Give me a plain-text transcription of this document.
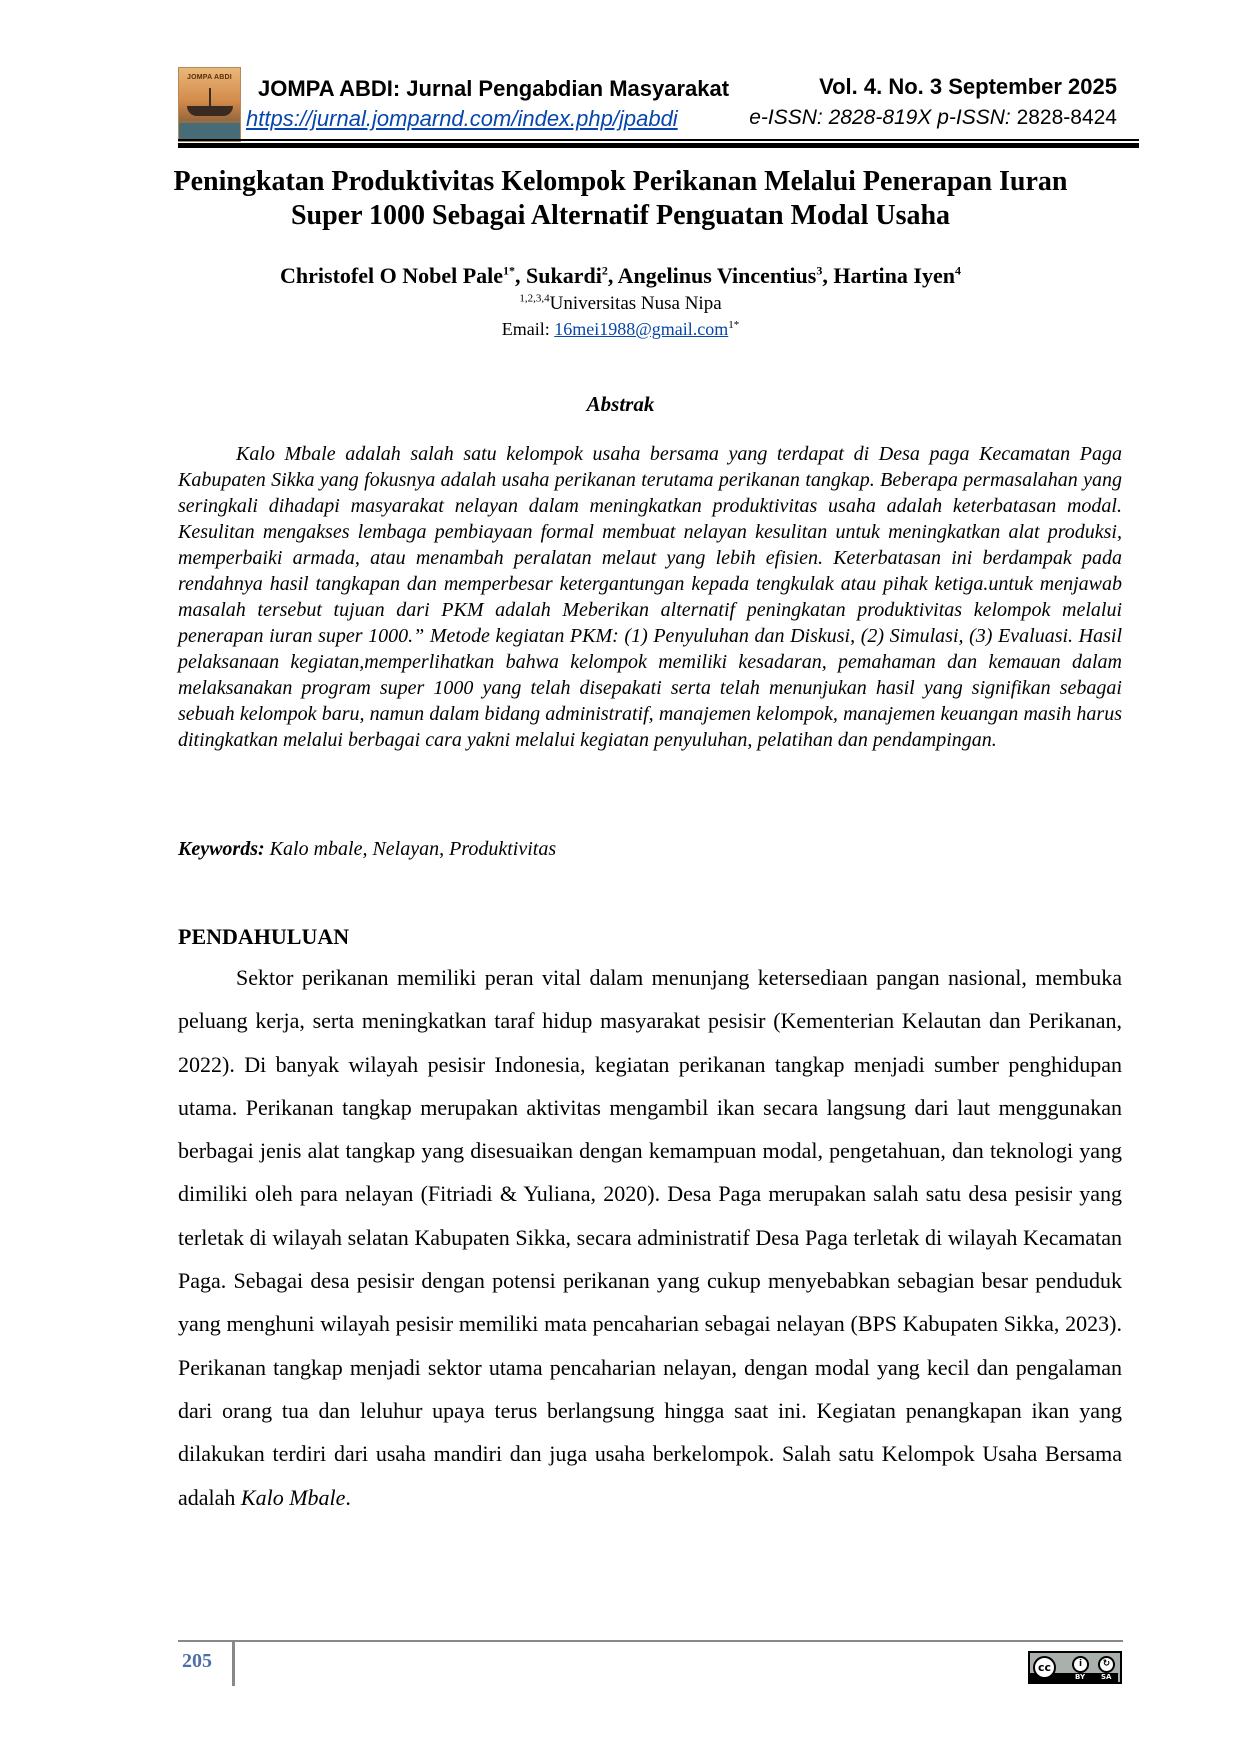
JOMPA ABDI	JOMPA ABDI: Jurnal Pengabdian Masyarakat
https://jurnal.jomparnd.com/index.php/jpabdi
Vol. 4. No. 3 September 2025
e-ISSN: 2828-819X p-ISSN: 2828-8424
Peningkatan Produktivitas Kelompok Perikanan Melalui Penerapan Iuran Super 1000 Sebagai Alternatif Penguatan Modal Usaha
Christofel O Nobel Pale$^{1*}$, Sukardi$^2$, Angelinus Vincentius$^3$, Hartina Iyen$^4$
$^{1,2,3,4}$Universitas Nusa Nipa
Email: 16mei1988@gmail.com$^{1*}$
Abstrak

Kalo Mbale adalah salah satu kelompok usaha bersama yang terdapat di Desa paga Kecamatan Paga Kabupaten Sikka yang fokusnya adalah usaha perikanan terutama perikanan tangkap. Beberapa permasalahan yang seringkali dihadapi masyarakat nelayan dalam meningkatkan produktivitas usaha adalah keterbatasan modal. Kesulitan mengakses lembaga pembiayaan formal membuat nelayan kesulitan untuk meningkatkan alat produksi, memperbaiki armada, atau menambah peralatan melaut yang lebih efisien. Keterbatasan ini berdampak pada rendahnya hasil tangkapan dan memperbesar ketergantungan kepada tengkulak atau pihak ketiga.untuk menjawab masalah tersebut tujuan dari PKM adalah Meberikan alternatif peningkatan produktivitas kelompok melalui penerapan iuran super 1000.” Metode kegiatan PKM: (1) Penyuluhan dan Diskusi, (2) Simulasi, (3) Evaluasi. Hasil pelaksanaan kegiatan,memperlihatkan bahwa kelompok memiliki kesadaran, pemahaman dan kemauan dalam melaksanakan program super 1000 yang telah disepakati serta telah menunjukan hasil yang signifikan sebagai sebuah kelompok baru, namun dalam bidang administratif, manajemen kelompok, manajemen keuangan masih harus ditingkatkan melalui berbagai cara yakni melalui kegiatan penyuluhan, pelatihan dan pendampingan.

Keywords: Kalo mbale, Nelayan, Produktivitas
PENDAHULUAN

Sektor perikanan memiliki peran vital dalam menunjang ketersediaan pangan nasional, membuka peluang kerja, serta meningkatkan taraf hidup masyarakat pesisir (Kementerian Kelautan dan Perikanan, 2022). Di banyak wilayah pesisir Indonesia, kegiatan perikanan tangkap menjadi sumber penghidupan utama. Perikanan tangkap merupakan aktivitas mengambil ikan secara langsung dari laut menggunakan berbagai jenis alat tangkap yang disesuaikan dengan kemampuan modal, pengetahuan, dan teknologi yang dimiliki oleh para nelayan (Fitriadi & Yuliana, 2020). Desa Paga merupakan salah satu desa pesisir yang terletak di wilayah selatan Kabupaten Sikka, secara administratif Desa Paga terletak di wilayah Kecamatan Paga. Sebagai desa pesisir dengan potensi perikanan yang cukup menyebabkan sebagian besar penduduk yang menghuni wilayah pesisir memiliki mata pencaharian sebagai nelayan (BPS Kabupaten Sikka, 2023). Perikanan tangkap menjadi sektor utama pencaharian nelayan, dengan modal yang kecil dan pengalaman dari orang tua dan leluhur upaya terus berlangsung hingga saat ini. Kegiatan penangkapan ikan yang dilakukan terdiri dari usaha mandiri dan juga usaha berkelompok. Salah satu Kelompok Usaha Bersama adalah Kalo Mbale.

205	cc	i	↻
BY SA
